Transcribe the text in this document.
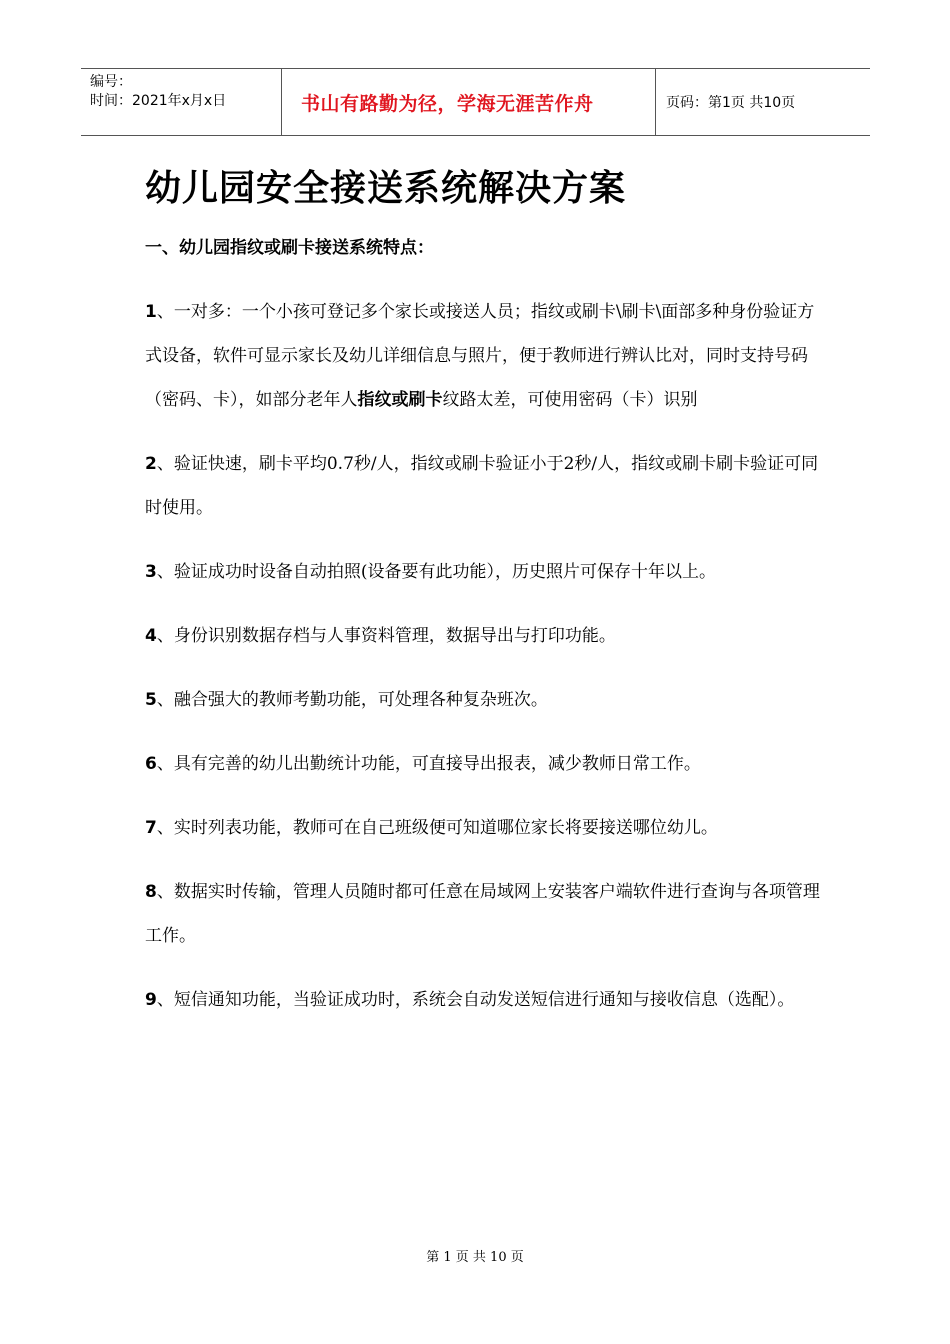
编号：
时间：2021年x月x日	书山有路勤为径，学海无涯苦作舟	页码：第1页 共10页
幼儿园安全接送系统解决方案
一、幼儿园指纹或刷卡接送系统特点：

1、一对多：一个小孩可登记多个家长或接送人员；指纹或刷卡\刷卡\面部多种身份验证方式设备，软件可显示家长及幼儿详细信息与照片，便于教师进行辨认比对，同时支持号码（密码、卡），如部分老年人指纹或刷卡纹路太差，可使用密码（卡）识别

2、验证快速，刷卡平均0.7秒/人，指纹或刷卡验证小于2秒/人，指纹或刷卡刷卡验证可同时使用。

3、验证成功时设备自动拍照(设备要有此功能），历史照片可保存十年以上。

4、身份识别数据存档与人事资料管理，数据导出与打印功能。

5、融合强大的教师考勤功能，可处理各种复杂班次。

6、具有完善的幼儿出勤统计功能，可直接导出报表，减少教师日常工作。

7、实时列表功能，教师可在自己班级便可知道哪位家长将要接送哪位幼儿。

8、数据实时传输，管理人员随时都可任意在局域网上安装客户端软件进行查询与各项管理工作。

9、短信通知功能，当验证成功时，系统会自动发送短信进行通知与接收信息（选配）。

第 1 页 共 10 页
